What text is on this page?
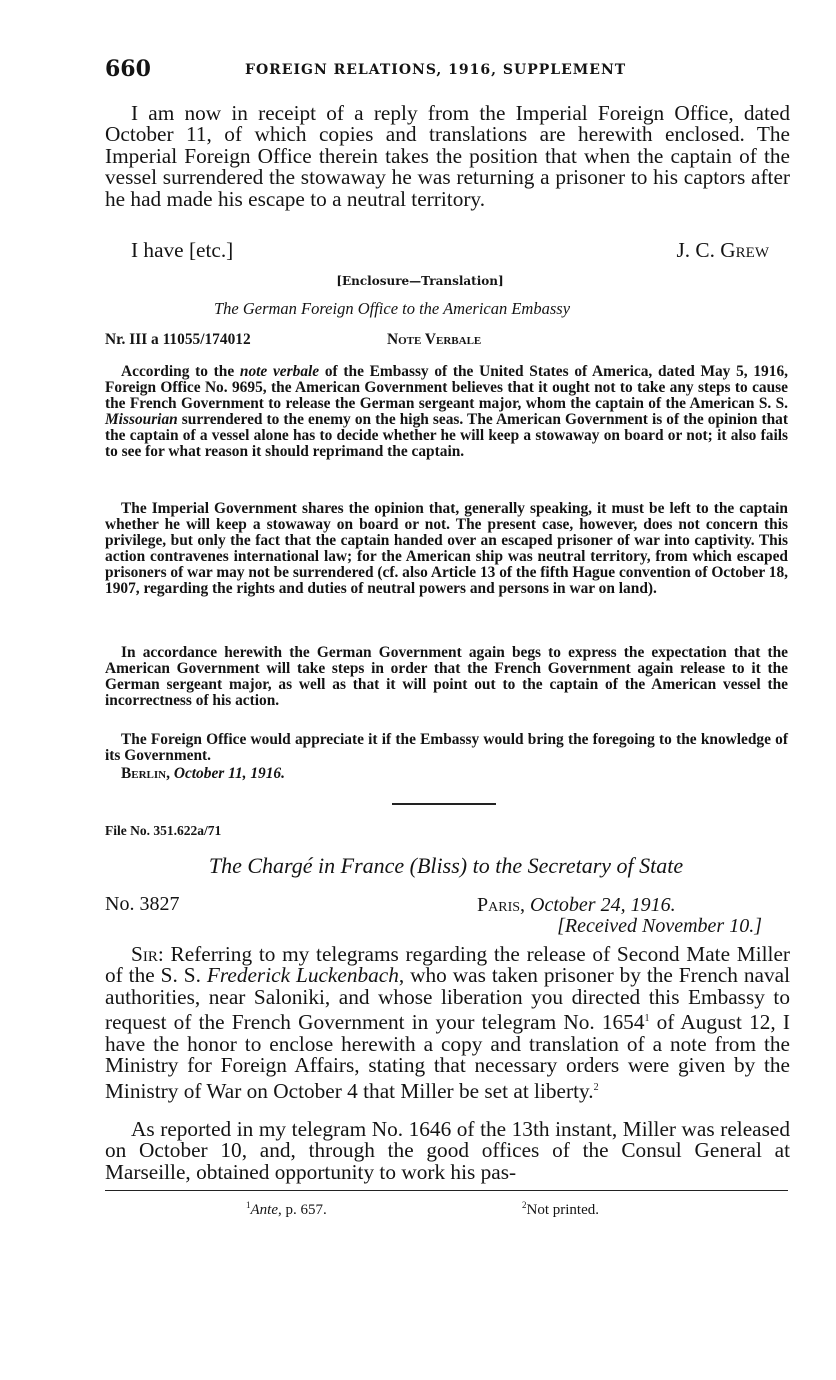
660	FOREIGN RELATIONS, 1916, SUPPLEMENT

I am now in receipt of a reply from the Imperial Foreign Office, dated October 11, of which copies and translations are herewith enclosed. The Imperial Foreign Office therein takes the position that when the captain of the vessel surrendered the stowaway he was returning a prisoner to his captors after he had made his escape to a neutral territory.

I have [etc.]	J. C. Grew
[Enclosure—Translation]
The German Foreign Office to the American Embassy
Nr. III a 11055/174012	Note Verbale

According to the note verbale of the Embassy of the United States of America, dated May 5, 1916, Foreign Office No. 9695, the American Government believes that it ought not to take any steps to cause the French Government to release the German sergeant major, whom the captain of the American S. S. Missourian surrendered to the enemy on the high seas. The American Government is of the opinion that the captain of a vessel alone has to decide whether he will keep a stowaway on board or not; it also fails to see for what reason it should reprimand the captain.

The Imperial Government shares the opinion that, generally speaking, it must be left to the captain whether he will keep a stowaway on board or not. The present case, however, does not concern this privilege, but only the fact that the captain handed over an escaped prisoner of war into captivity. This action contravenes international law; for the American ship was neutral territory, from which escaped prisoners of war may not be surrendered (cf. also Article 13 of the fifth Hague convention of October 18, 1907, regarding the rights and duties of neutral powers and persons in war on land).

In accordance herewith the German Government again begs to express the expectation that the American Government will take steps in order that the French Government again release to it the German sergeant major, as well as that it will point out to the captain of the American vessel the incorrectness of his action.

The Foreign Office would appreciate it if the Embassy would bring the foregoing to the knowledge of its Government.

Berlin, October 11, 1916.
File No. 351.622a/71
The Chargé in France (Bliss) to the Secretary of State
No. 3827	Paris, October 24, 1916.
[Received November 10.]

Sir: Referring to my telegrams regarding the release of Second Mate Miller of the S. S. Frederick Luckenbach, who was taken prisoner by the French naval authorities, near Saloniki, and whose liberation you directed this Embassy to request of the French Government in your telegram No. 1654$^1$ of August 12, I have the honor to enclose herewith a copy and translation of a note from the Ministry for Foreign Affairs, stating that necessary orders were given by the Ministry of War on October 4 that Miller be set at liberty.$^2$

As reported in my telegram No. 1646 of the 13th instant, Miller was released on October 10, and, through the good offices of the Consul General at Marseille, obtained opportunity to work his pas-

$^1$Ante, p. 657.	$^2$Not printed.
